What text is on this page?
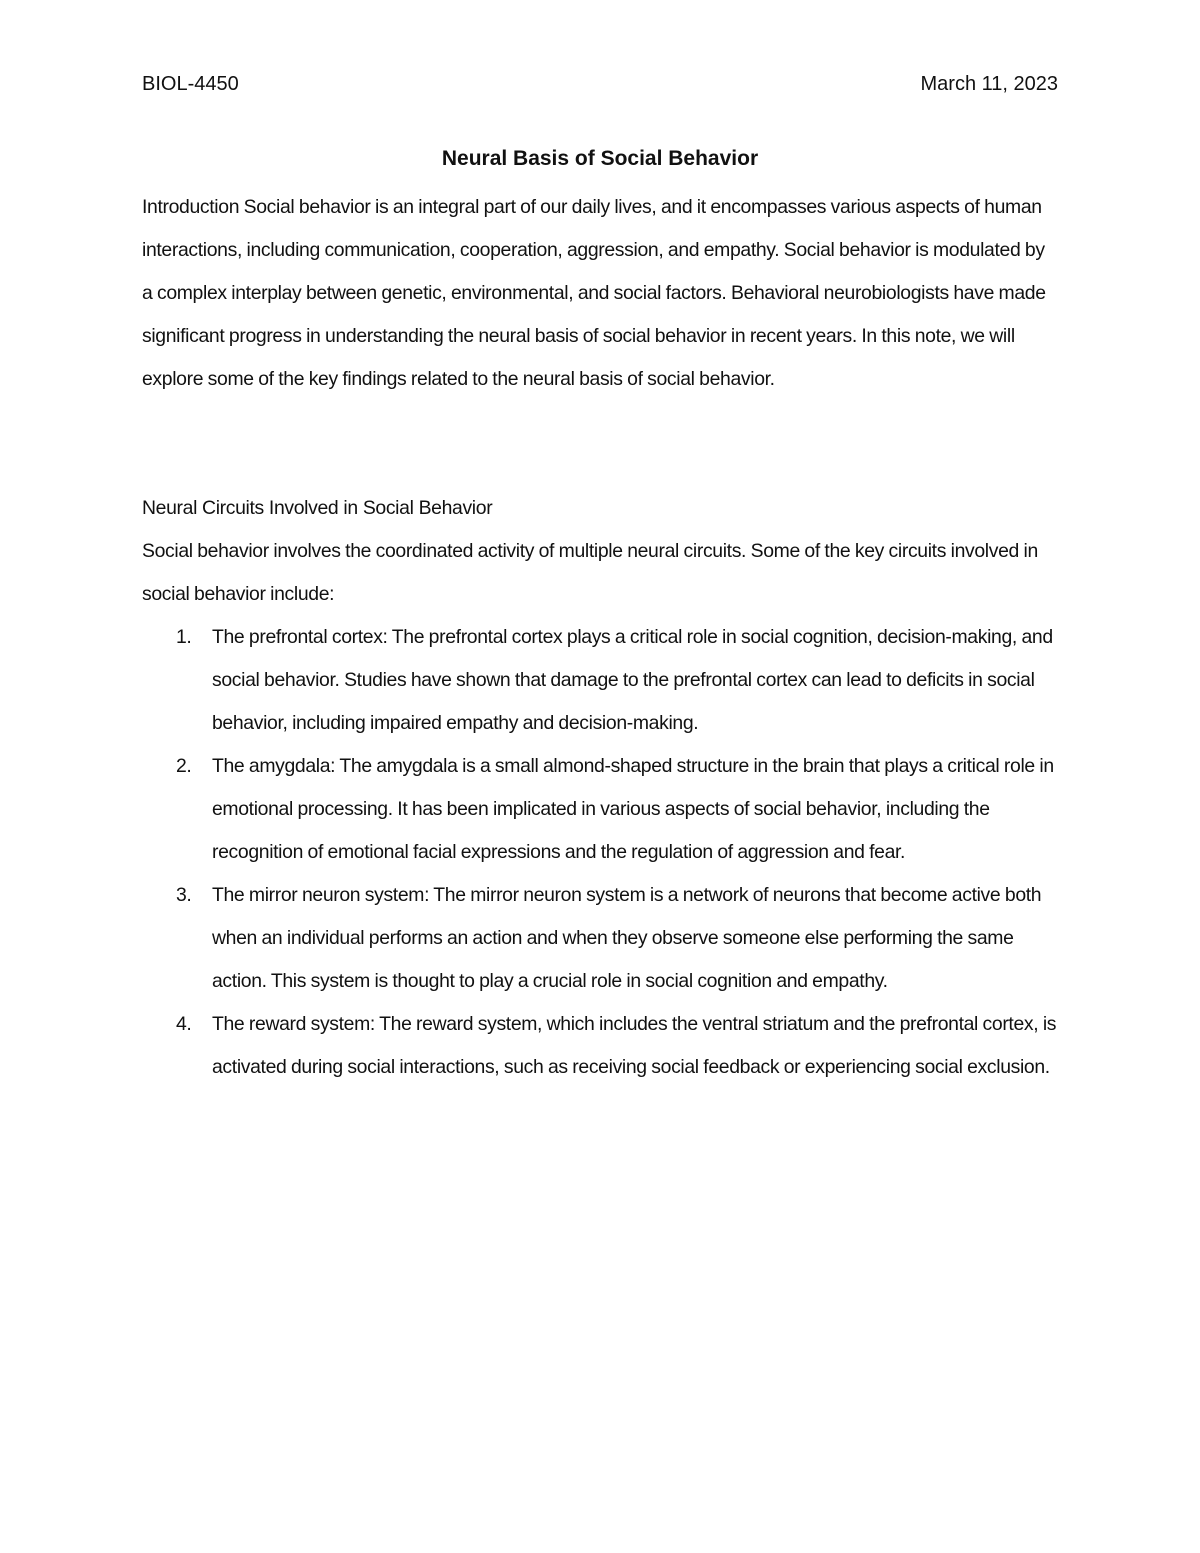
BIOL-4450	March 11, 2023
Neural Basis of Social Behavior

Introduction Social behavior is an integral part of our daily lives, and it encompasses various aspects of human interactions, including communication, cooperation, aggression, and empathy. Social behavior is modulated by a complex interplay between genetic, environmental, and social factors. Behavioral neurobiologists have made significant progress in understanding the neural basis of social behavior in recent years. In this note, we will explore some of the key findings related to the neural basis of social behavior.

Neural Circuits Involved in Social Behavior

Social behavior involves the coordinated activity of multiple neural circuits. Some of the key circuits involved in social behavior include:

1. The prefrontal cortex: The prefrontal cortex plays a critical role in social cognition, decision-making, and social behavior. Studies have shown that damage to the prefrontal cortex can lead to deficits in social behavior, including impaired empathy and decision-making.
2. The amygdala: The amygdala is a small almond-shaped structure in the brain that plays a critical role in emotional processing. It has been implicated in various aspects of social behavior, including the recognition of emotional facial expressions and the regulation of aggression and fear.
3. The mirror neuron system: The mirror neuron system is a network of neurons that become active both when an individual performs an action and when they observe someone else performing the same action. This system is thought to play a crucial role in social cognition and empathy.
4. The reward system: The reward system, which includes the ventral striatum and the prefrontal cortex, is activated during social interactions, such as receiving social feedback or experiencing social exclusion.
